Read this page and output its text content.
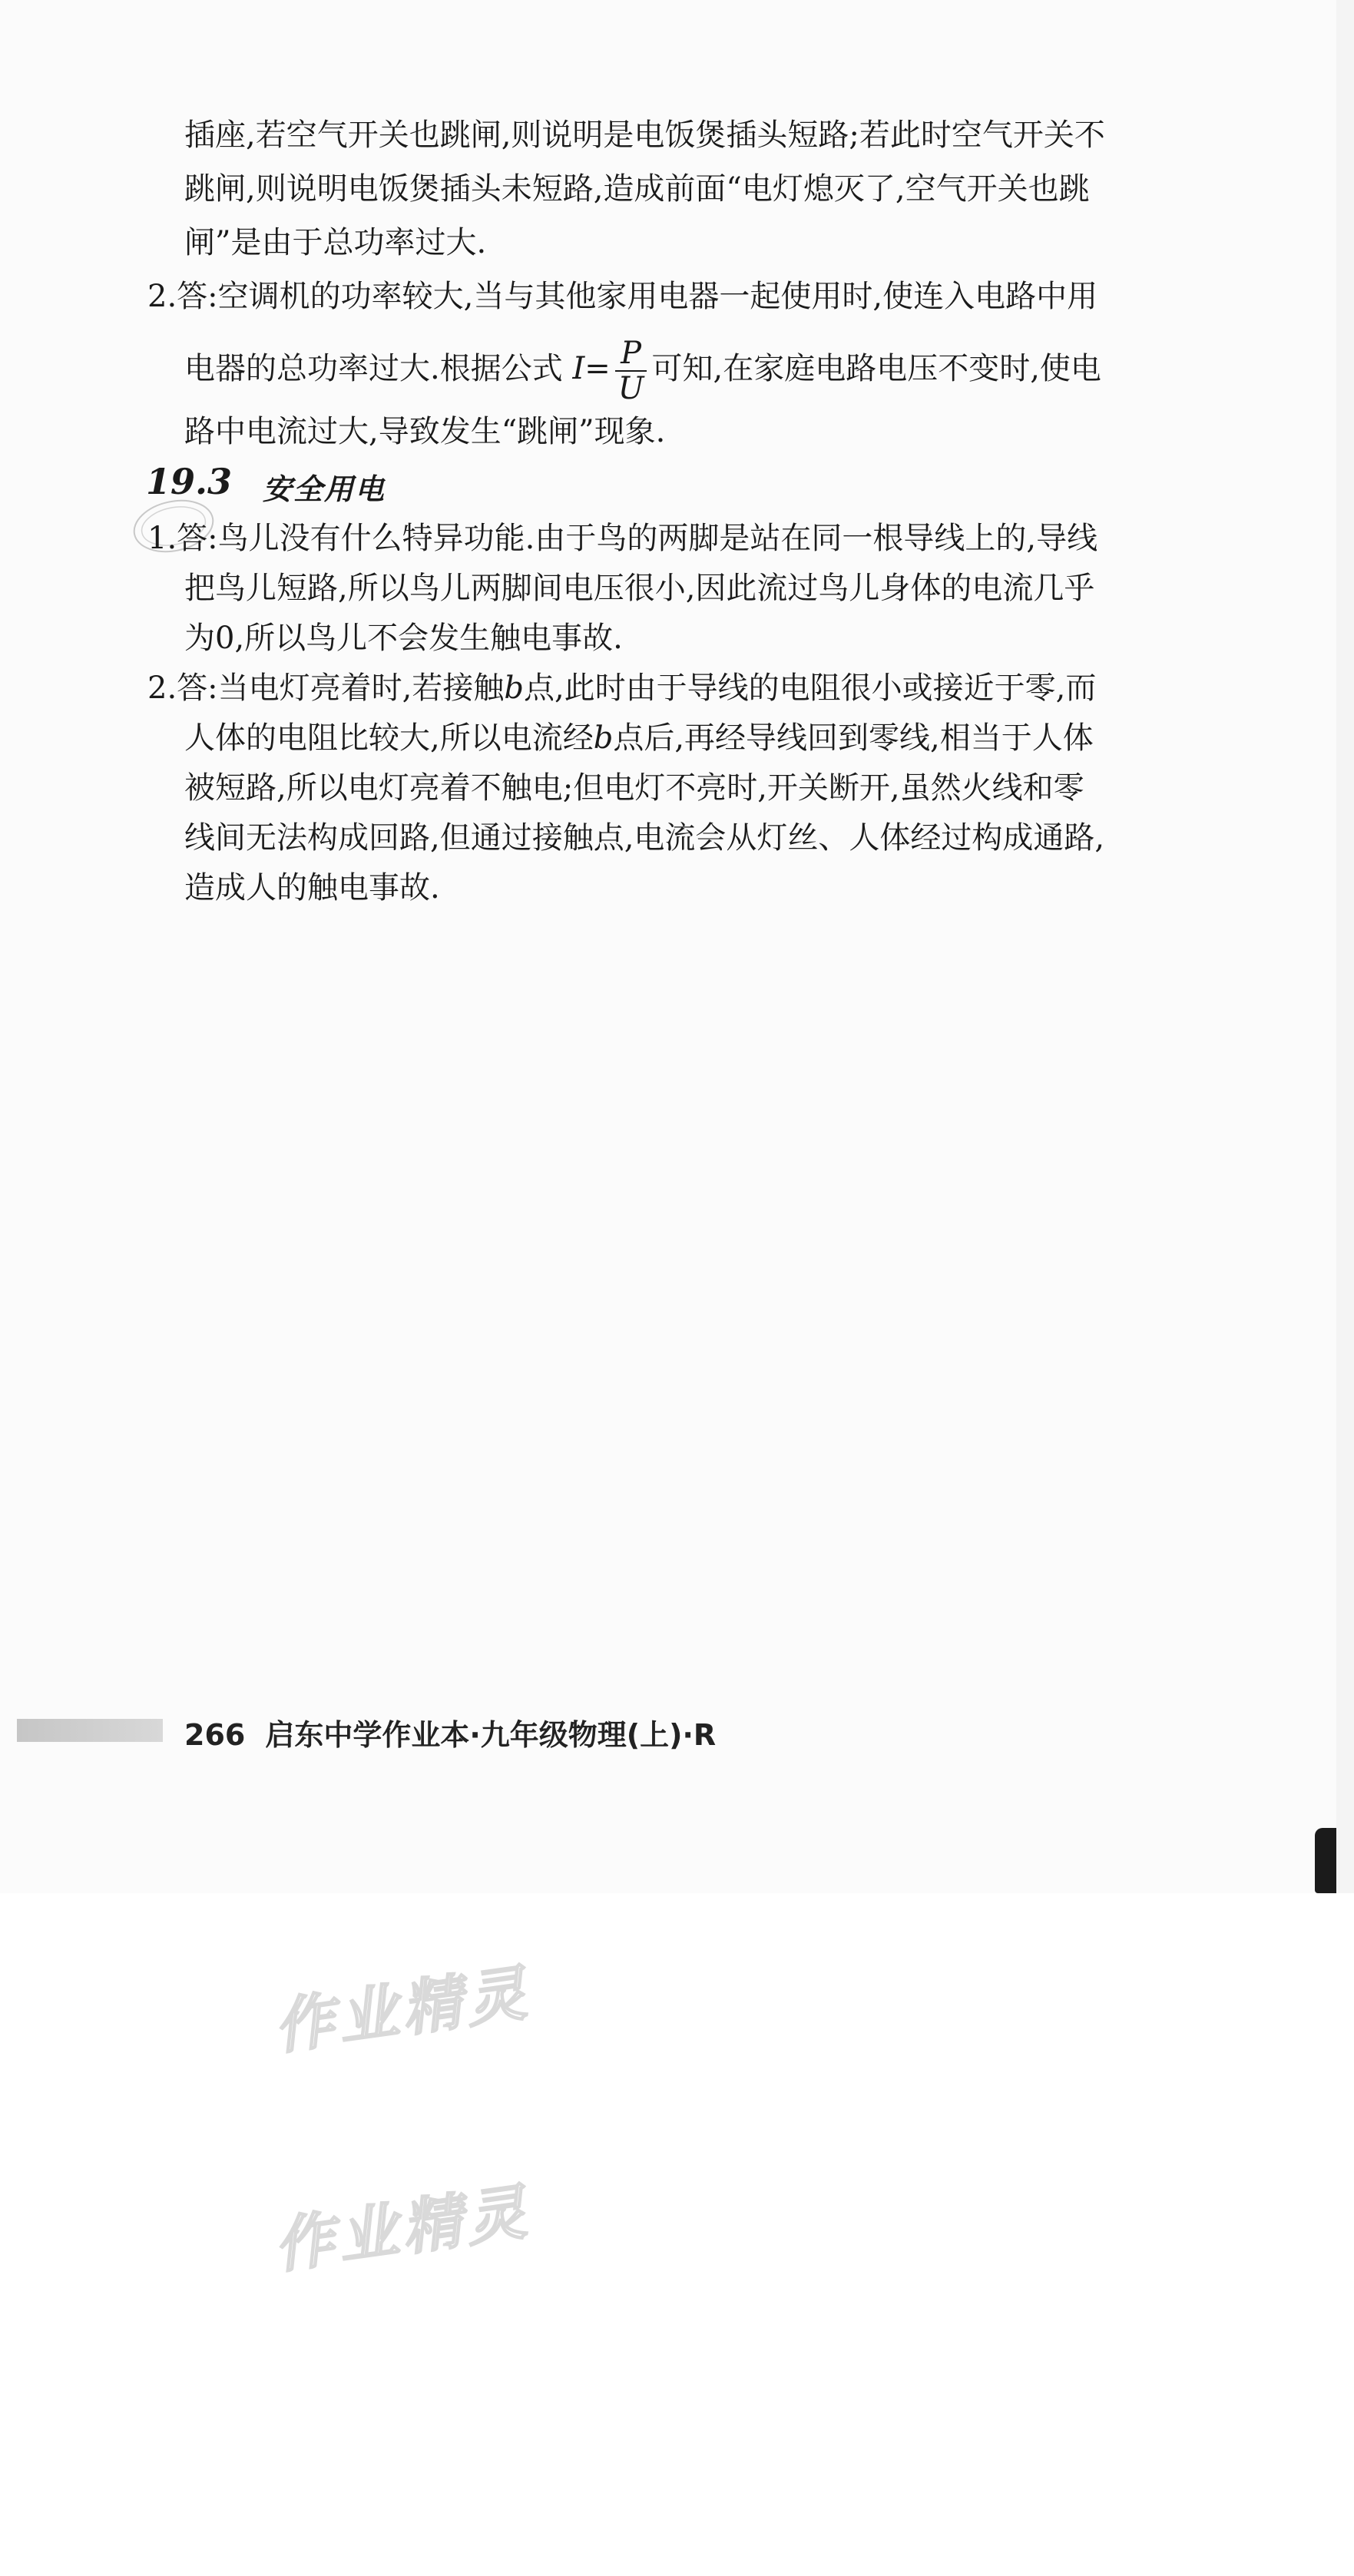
插座,若空气开关也跳闸,则说明是电饭煲插头短路;若此时空气开关不
跳闸,则说明电饭煲插头未短路,造成前面“电灯熄灭了,空气开关也跳
闸”是由于总功率过大.
2.答:空调机的功率较大,当与其他家用电器一起使用时,使连入电路中用
电器的总功率过大.根据公式 $I= \frac{P}{U}$ 可知,在家庭电路电压不变时,使电
路中电流过大,导致发生“跳闸”现象.
19.3 安全用电
1.答:鸟儿没有什么特异功能.由于鸟的两脚是站在同一根导线上的,导线
把鸟儿短路,所以鸟儿两脚间电压很小,因此流过鸟儿身体的电流几乎
为0,所以鸟儿不会发生触电事故.
2.答:当电灯亮着时,若接触b点,此时由于导线的电阻很小或接近于零,而
人体的电阻比较大,所以电流经b点后,再经导线回到零线,相当于人体
被短路,所以电灯亮着不触电;但电灯不亮时,开关断开,虽然火线和零
线间无法构成回路,但通过接触点,电流会从灯丝、人体经过构成通路,
造成人的触电事故.
266 启东中学作业本·九年级物理(上)·R
作业精灵
作业精灵
